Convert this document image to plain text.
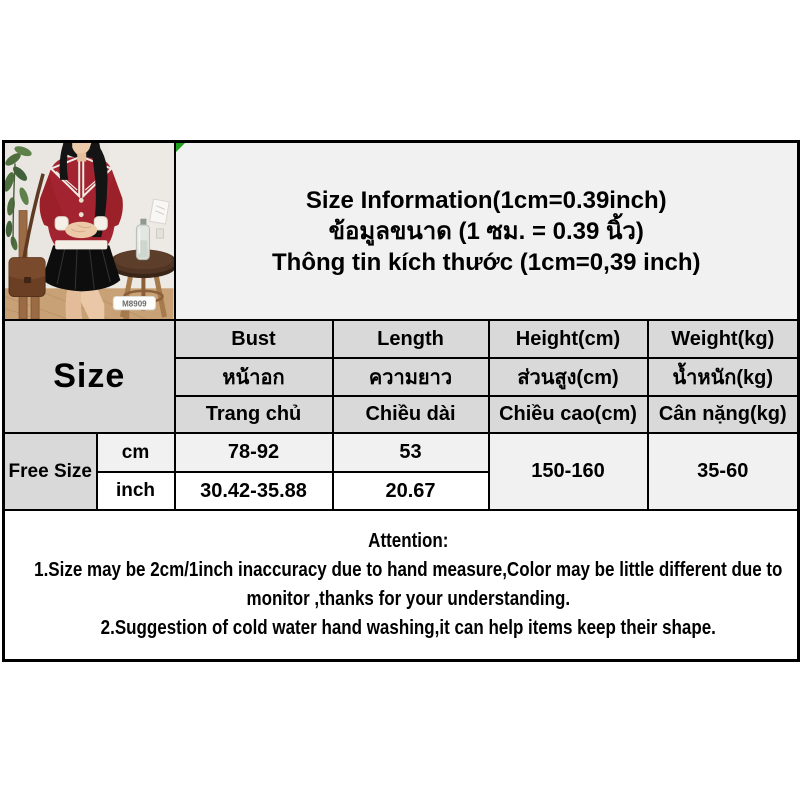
M8909		Size Information(1cm=0.39inch)
ข้อมูลขนาด (1 ซม. = 0.39 นิ้ว)
Thông tin kích thước (1cm=0,39 inch)			

Size		Bust	Length	Height(cm)	Weight(kg)
		หน้าอก	ความยาว	ส่วนสูง(cm)	น้ำหนัก(kg)
		Trang chủ	Chiều dài	Chiều cao(cm)	Cân nặng(kg)
Free Size	cm	78-92	53	150-160	35-60
	inch	30.42-35.88	20.67		

Attention:
1.Size may be 2cm/1inch inaccuracy due to hand measure,Color may be little different due to monitor ,thanks for your understanding.
2.Suggestion of cold water hand washing,it can help items keep their shape.					
